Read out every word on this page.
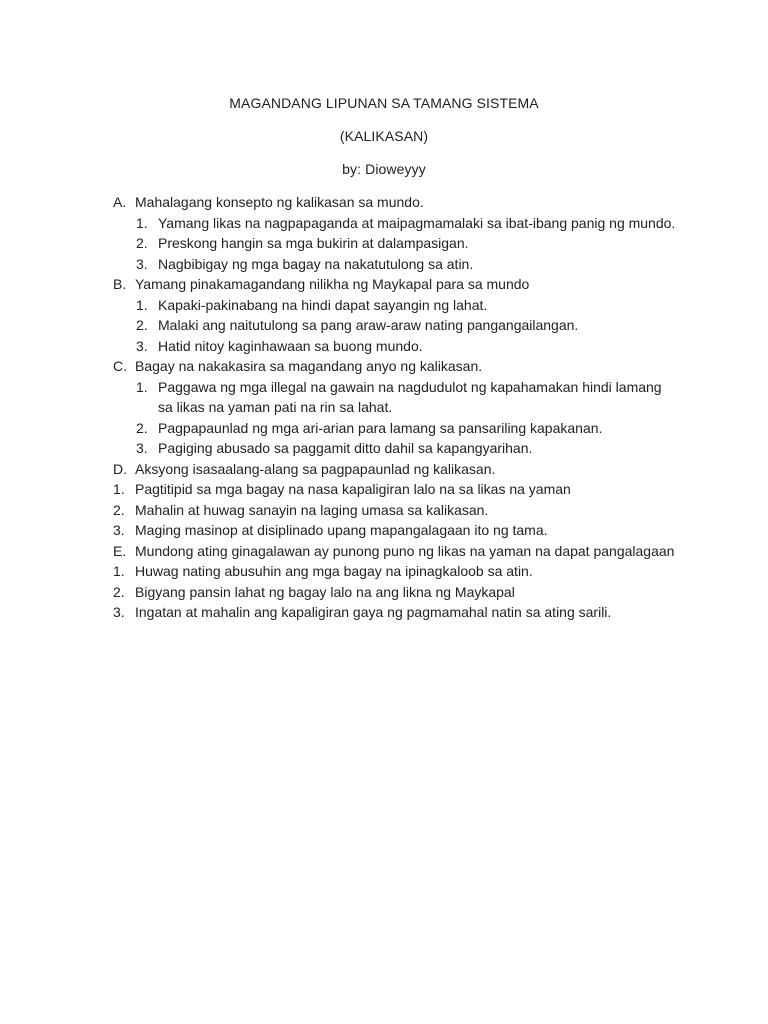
MAGANDANG LIPUNAN SA TAMANG SISTEMA
(KALIKASAN)
by: Dioweyyy
A. Mahalagang konsepto ng kalikasan sa mundo.
1. Yamang likas na nagpapaganda at maipagmamalaki sa ibat-ibang panig ng mundo.
2. Preskong hangin sa mga bukirin at dalampasigan.
3. Nagbibigay ng mga bagay na nakatutulong sa atin.
B. Yamang pinakamagandang nilikha ng Maykapal para sa mundo
1. Kapaki-pakinabang na hindi dapat sayangin ng lahat.
2. Malaki ang naitutulong sa pang araw-araw nating pangangailangan.
3. Hatid nitoy kaginhawaan sa buong mundo.
C. Bagay na nakakasira sa magandang anyo ng kalikasan.
1. Paggawa ng mga illegal na gawain na nagdudulot ng kapahamakan hindi lamang sa likas na yaman pati na rin sa lahat.
2. Pagpapaunlad ng mga ari-arian para lamang sa pansariling kapakanan.
3. Pagiging abusado sa paggamit ditto dahil sa kapangyarihan.
D. Aksyong isasaalang-alang sa pagpapaunlad ng kalikasan.
1. Pagtitipid sa mga bagay na nasa kapaligiran lalo na sa likas na yaman
2. Mahalin at huwag sanayin na laging umasa sa kalikasan.
3. Maging masinop at disiplinado upang mapangalagaan ito ng tama.
E. Mundong ating ginagalawan ay punong puno ng likas na yaman na dapat pangalagaan
1. Huwag nating abusuhin ang mga bagay na ipinagkaloob sa atin.
2. Bigyang pansin lahat ng bagay lalo na ang likna ng Maykapal
3. Ingatan at mahalin ang kapaligiran gaya ng pagmamahal natin sa ating sarili.
